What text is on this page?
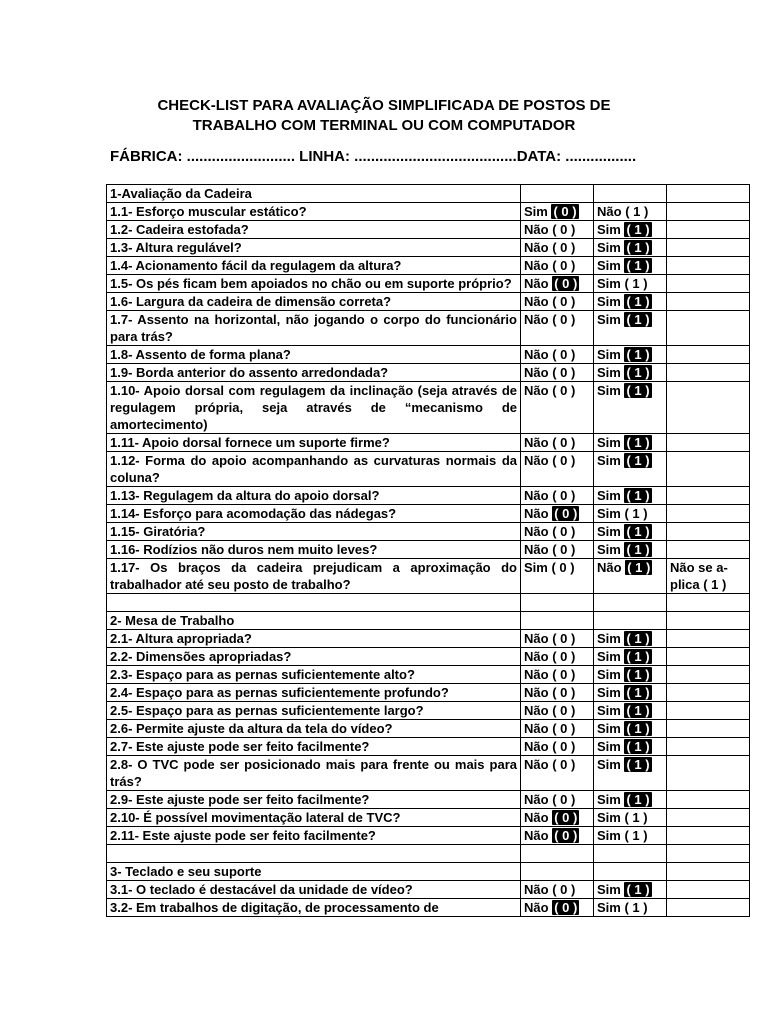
CHECK-LIST PARA AVALIAÇÃO SIMPLIFICADA DE POSTOS DE
TRABALHO COM TERMINAL OU COM COMPUTADOR
FÁBRICA: .......................... LINHA: .......................................DATA: .................
1-Avaliação da Cadeira			
1.1- Esforço muscular estático?	Sim ( 0 )	Não ( 1 )	
1.2- Cadeira estofada?	Não ( 0 )	Sim ( 1 )	
1.3- Altura regulável?	Não ( 0 )	Sim ( 1 )	
1.4- Acionamento fácil da regulagem da altura?	Não ( 0 )	Sim ( 1 )	
1.5- Os pés ficam bem apoiados no chão ou em suporte próprio?	Não ( 0 )	Sim ( 1 )	
1.6- Largura da cadeira de dimensão correta?	Não ( 0 )	Sim ( 1 )	
1.7- Assento na horizontal, não jogando o corpo do funcionário para trás?	Não ( 0 )	Sim ( 1 )	
1.8- Assento de forma plana?	Não ( 0 )	Sim ( 1 )	
1.9- Borda anterior do assento arredondada?	Não ( 0 )	Sim ( 1 )	
1.10- Apoio dorsal com regulagem da inclinação (seja através de regulagem própria, seja através de “mecanismo de amortecimento)	Não ( 0 )	Sim ( 1 )	
1.11- Apoio dorsal fornece um suporte firme?	Não ( 0 )	Sim ( 1 )	
1.12- Forma do apoio acompanhando as curvaturas normais da coluna?	Não ( 0 )	Sim ( 1 )	
1.13- Regulagem da altura do apoio dorsal?	Não ( 0 )	Sim ( 1 )	
1.14- Esforço para acomodação das nádegas?	Não ( 0 )	Sim ( 1 )	
1.15- Giratória?	Não ( 0 )	Sim ( 1 )	
1.16- Rodízios não duros nem muito leves?	Não ( 0 )	Sim ( 1 )	
1.17- Os braços da cadeira prejudicam a aproximação do trabalhador até seu posto de trabalho?	Sim ( 0 )	Não ( 1 )	Não se a-plica ( 1 )

2- Mesa de Trabalho			
2.1- Altura apropriada?	Não ( 0 )	Sim ( 1 )	
2.2- Dimensões apropriadas?	Não ( 0 )	Sim ( 1 )	
2.3- Espaço para as pernas suficientemente alto?	Não ( 0 )	Sim ( 1 )	
2.4- Espaço para as pernas suficientemente profundo?	Não ( 0 )	Sim ( 1 )	
2.5- Espaço para as pernas suficientemente largo?	Não ( 0 )	Sim ( 1 )	
2.6- Permite ajuste da altura da tela do vídeo?	Não ( 0 )	Sim ( 1 )	
2.7- Este ajuste pode ser feito facilmente?	Não ( 0 )	Sim ( 1 )	
2.8- O TVC pode ser posicionado mais para frente ou mais para trás?	Não ( 0 )	Sim ( 1 )	
2.9- Este ajuste pode ser feito facilmente?	Não ( 0 )	Sim ( 1 )	
2.10- É possível movimentação lateral de TVC?	Não ( 0 )	Sim ( 1 )	
2.11- Este ajuste pode ser feito facilmente?	Não ( 0 )	Sim ( 1 )	

3- Teclado e seu suporte			
3.1- O teclado é destacável da unidade de vídeo?	Não ( 0 )	Sim ( 1 )	
3.2- Em trabalhos de digitação, de processamento de	Não ( 0 )	Sim ( 1 )	
